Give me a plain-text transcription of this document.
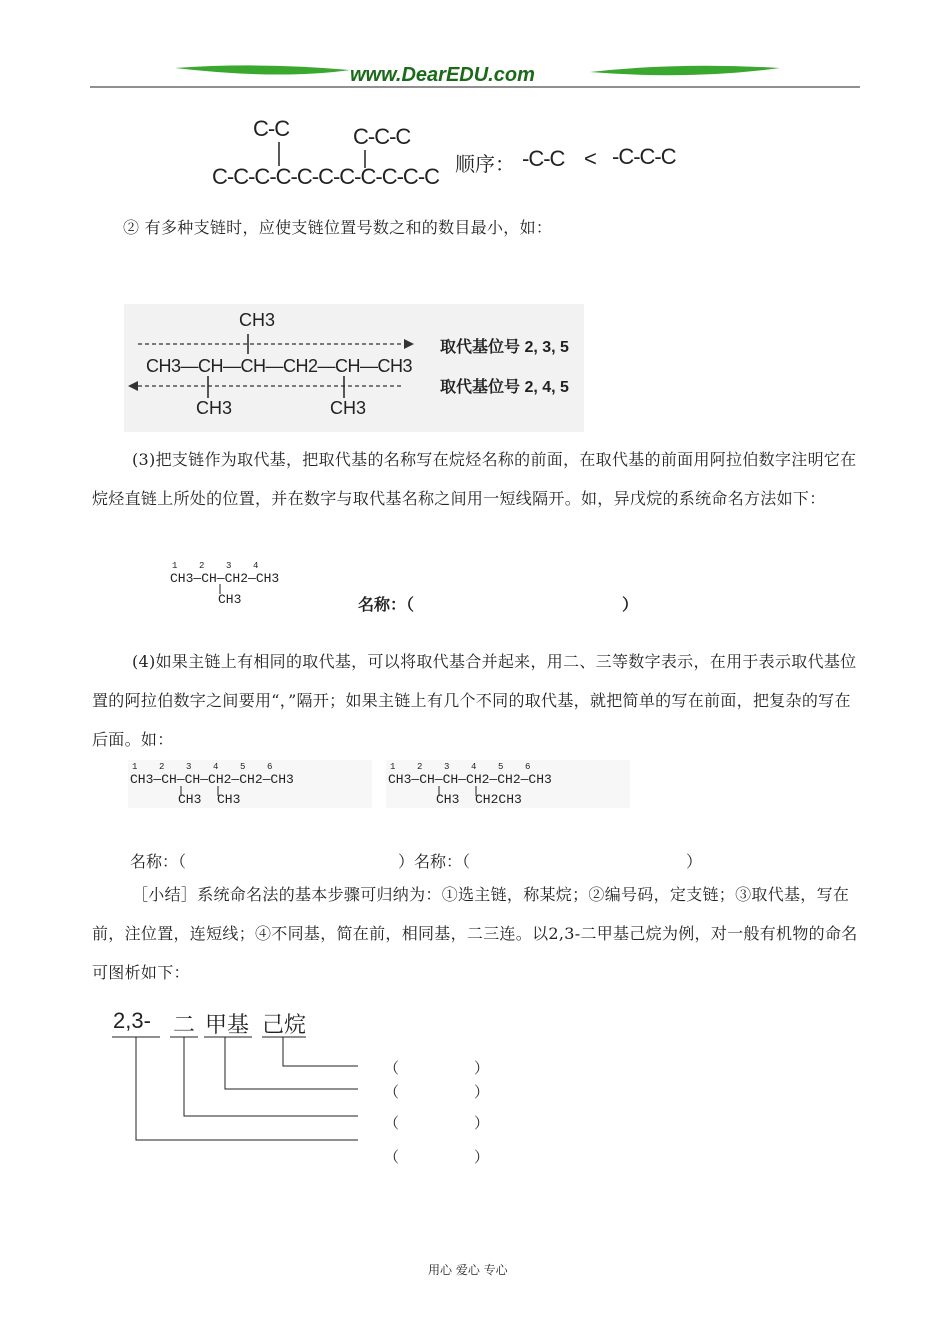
www.DearEDU.com
C-C	C-C-C
C-C-C-C-C-C-C-C-C-C-C 顺序： -C-C < -C-C-C
② 有多种支链时，应使支链位置号数之和的数目最小，如：
CH3
CH3—CH—CH—CH2—CH—CH3
CH3	CH3
取代基位号 2, 3, 5
取代基位号 2, 4, 5
(3)把支链作为取代基，把取代基的名称写在烷烃名称的前面，在取代基的前面用阿拉伯数字注明它在烷烃直链上所处的位置，并在数字与取代基名称之间用一短线隔开。如，异戊烷的系统命名方法如下：
1    2    3    4
CH3—CH—CH2—CH3
CH3	名称：（	）
(4)如果主链上有相同的取代基，可以将取代基合并起来，用二、三等数字表示，在用于表示取代基位置的阿拉伯数字之间要用“，”隔开；如果主链上有几个不同的取代基，就把简单的写在前面，把复杂的写在后面。如：
1    2    3    4    5    6
CH3—CH—CH—CH2—CH2—CH3
CH3  CH3
1    2    3    4    5    6
CH3—CH—CH—CH2—CH2—CH3
CH3  CH2CH3
名称：（	）名称：（	）
［小结］系统命名法的基本步骤可归纳为：①选主链，称某烷；②编号码，定支链；③取代基，写在前，注位置，连短线；④不同基，简在前，相同基，二三连。以2,3-二甲基己烷为例，对一般有机物的命名可图析如下：
2,3- 二 甲基 己烷
（	）
（	）
（	）
（	）
用心 爱心 专心
